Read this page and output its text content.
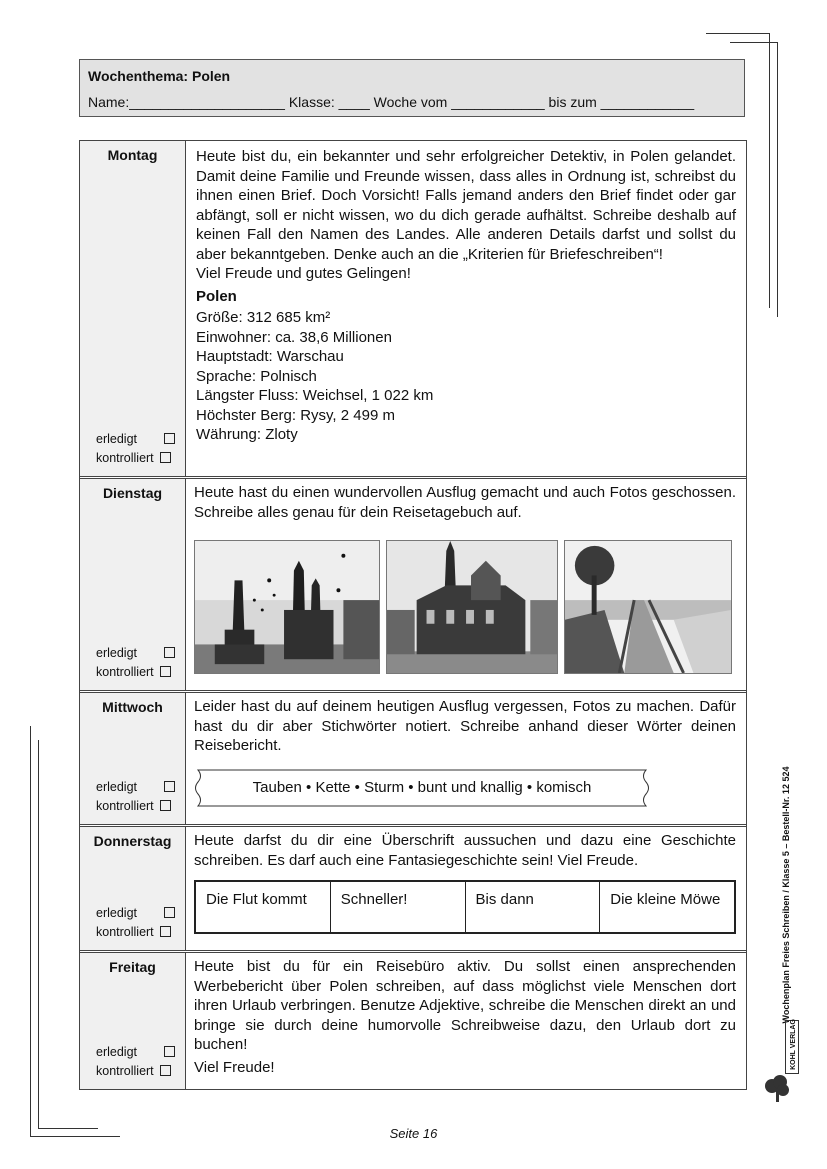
Wochenthema: Polen
Name:____________________ Klasse: ____ Woche vom ____________ bis zum ____________
Montag
erledigt
kontrolliert

Heute bist du, ein bekannter und sehr erfolgreicher Detektiv, in Polen gelandet. Damit deine Familie und Freunde wissen, dass alles in Ordnung ist, schreibst du ihnen einen Brief. Doch Vorsicht! Falls jemand anders den Brief findet oder gar abfängt, soll er nicht wissen, wo du dich gerade aufhältst. Schreibe deshalb auf keinen Fall den Namen des Landes. Alle anderen Details darfst und sollst du aber bekanntgeben. Denke auch an die „Kriterien für Briefeschreiben“!

Viel Freude und gutes Gelingen!

Polen
Größe: 312 685 km²
Einwohner: ca. 38,6 Millionen
Hauptstadt: Warschau
Sprache: Polnisch
Längster Fluss: Weichsel, 1 022 km
Höchster Berg: Rysy, 2 499 m
Währung: Zloty
Dienstag
erledigt
kontrolliert

Heute hast du einen wundervollen Ausflug gemacht und auch Fotos geschossen. Schreibe alles genau für dein Reisetagebuch auf.

Mittwoch
erledigt
kontrolliert

Leider hast du auf deinem heutigen Ausflug vergessen, Fotos zu machen. Dafür hast du dir aber Stichwörter notiert. Schreibe anhand dieser Wörter deinen Reisebericht.

Tauben • Kette • Sturm • bunt und knallig • komisch
Donnerstag
erledigt
kontrolliert

Heute darfst du dir eine Überschrift aussuchen und dazu eine Geschichte schreiben. Es darf auch eine Fantasiegeschichte sein! Viel Freude.

Die Flut kommt	Schneller!	Bis dann	Die kleine Möwe
Freitag
erledigt
kontrolliert

Heute bist du für ein Reisebüro aktiv. Du sollst einen ansprechenden Werbebericht über Polen schreiben, auf dass möglichst viele Menschen dort ihren Urlaub verbringen. Benutze Adjektive, schreibe die Menschen direkt an und bringe sie durch deine humorvolle Schreibweise dazu, den Urlaub dort zu buchen!

Viel Freude!

Wochenplan Freies Schreiben / Klasse 5 – Bestell-Nr. 12 524
KOHL VERLAG
Seite 16
